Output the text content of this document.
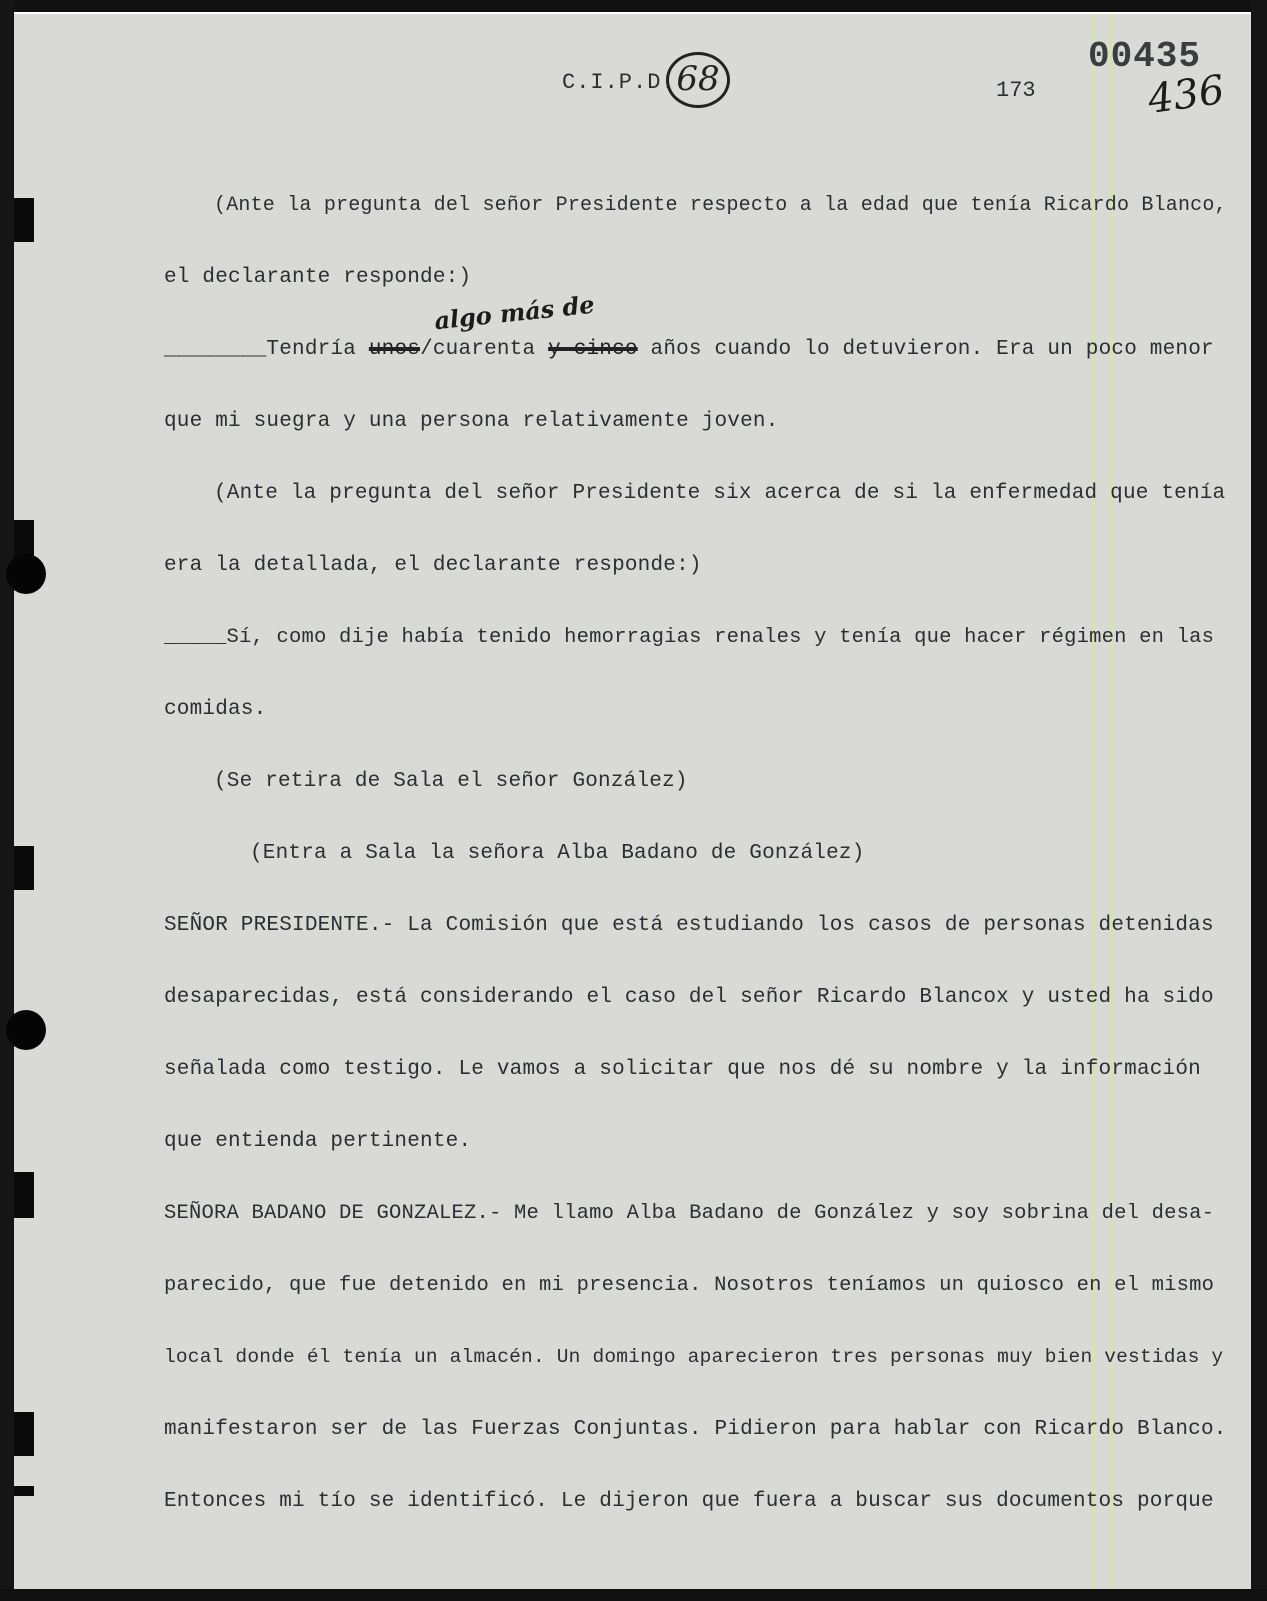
C.I.P.D. 68	173
00435
436
(Ante la pregunta del señor Presidente respecto a la edad que tenía Ricardo Blanco,
el declarante responde:)
algo más de
________Tendría unos/cuarenta y cinco años cuando lo detuvieron. Era un poco menor
que mi suegra y una persona relativamente joven.
(Ante la pregunta del señor Presidente six acerca de si la enfermedad que tenía
era la detallada, el declarante responde:)
_____Sí, como dije había tenido hemorragias renales y tenía que hacer régimen en las
comidas.
(Se retira de Sala el señor González)
(Entra a Sala la señora Alba Badano de González)
SEÑOR PRESIDENTE.- La Comisión que está estudiando los casos de personas detenidas
desaparecidas, está considerando el caso del señor Ricardo Blancox y usted ha sido
señalada como testigo. Le vamos a solicitar que nos dé su nombre y la información
que entienda pertinente.
SEÑORA BADANO DE GONZALEZ.- Me llamo Alba Badano de González y soy sobrina del desa-
parecido, que fue detenido en mi presencia. Nosotros teníamos un quiosco en el mismo
local donde él tenía un almacén. Un domingo aparecieron tres personas muy bien vestidas y
manifestaron ser de las Fuerzas Conjuntas. Pidieron para hablar con Ricardo Blanco.
Entonces mi tío se identificó. Le dijeron que fuera a buscar sus documentos porque
